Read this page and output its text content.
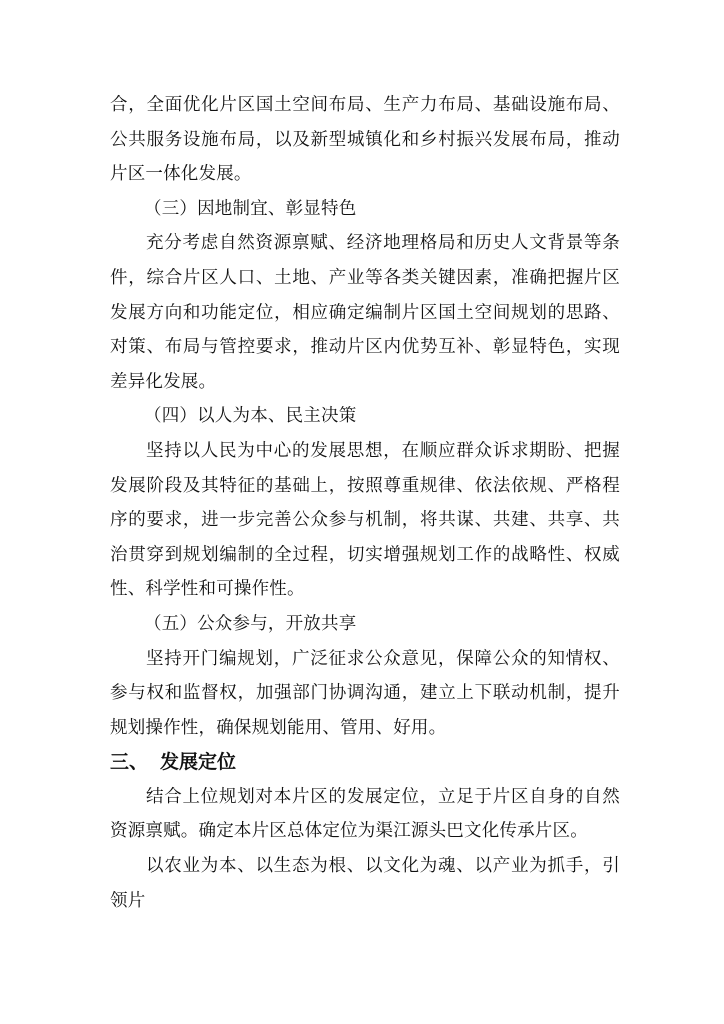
合，全面优化片区国土空间布局、生产力布局、基础设施布局、公共服务设施布局，以及新型城镇化和乡村振兴发展布局，推动片区一体化发展。

（三）因地制宜、彰显特色

充分考虑自然资源禀赋、经济地理格局和历史人文背景等条件，综合片区人口、土地、产业等各类关键因素，准确把握片区发展方向和功能定位，相应确定编制片区国土空间规划的思路、对策、布局与管控要求，推动片区内优势互补、彰显特色，实现差异化发展。

（四）以人为本、民主决策

坚持以人民为中心的发展思想，在顺应群众诉求期盼、把握发展阶段及其特征的基础上，按照尊重规律、依法依规、严格程序的要求，进一步完善公众参与机制，将共谋、共建、共享、共治贯穿到规划编制的全过程，切实增强规划工作的战略性、权威性、科学性和可操作性。

（五）公众参与，开放共享

坚持开门编规划，广泛征求公众意见，保障公众的知情权、参与权和监督权，加强部门协调沟通，建立上下联动机制，提升规划操作性，确保规划能用、管用、好用。

三、 发展定位

结合上位规划对本片区的发展定位，立足于片区自身的自然资源禀赋。确定本片区总体定位为渠江源头巴文化传承片区。

以农业为本、以生态为根、以文化为魂、以产业为抓手，引领片
